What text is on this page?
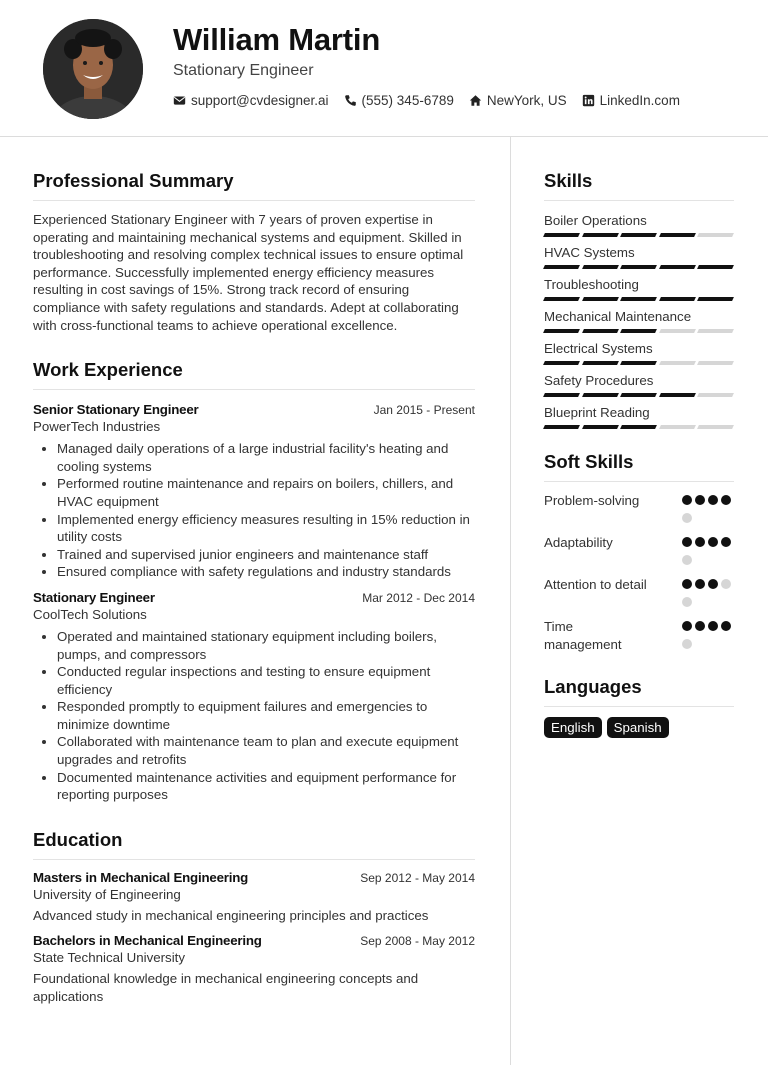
William Martin
Stationary Engineer
support@cvdesigner.ai (555) 345-6789 NewYork, US LinkedIn.com
Professional Summary

Experienced Stationary Engineer with 7 years of proven expertise in operating and maintaining mechanical systems and equipment. Skilled in troubleshooting and resolving complex technical issues to ensure optimal performance. Successfully implemented energy efficiency measures resulting in cost savings of 15%. Strong track record of ensuring compliance with safety regulations and standards. Adept at collaborating with cross-functional teams to achieve operational excellence.

Work Experience
Senior Stationary Engineer	Jan 2015 - Present
PowerTech Industries
• Managed daily operations of a large industrial facility's heating and cooling systems
• Performed routine maintenance and repairs on boilers, chillers, and HVAC equipment
• Implemented energy efficiency measures resulting in 15% reduction in utility costs
• Trained and supervised junior engineers and maintenance staff
• Ensured compliance with safety regulations and industry standards
Stationary Engineer	Mar 2012 - Dec 2014
CoolTech Solutions
• Operated and maintained stationary equipment including boilers, pumps, and compressors
• Conducted regular inspections and testing to ensure equipment efficiency
• Responded promptly to equipment failures and emergencies to minimize downtime
• Collaborated with maintenance team to plan and execute equipment upgrades and retrofits
• Documented maintenance activities and equipment performance for reporting purposes
Education
Masters in Mechanical Engineering	Sep 2012 - May 2014
University of Engineering

Advanced study in mechanical engineering principles and practices

Bachelors in Mechanical Engineering	Sep 2008 - May 2012
State Technical University

Foundational knowledge in mechanical engineering concepts and applications

Skills
Boiler Operations
HVAC Systems
Troubleshooting
Mechanical Maintenance
Electrical Systems
Safety Procedures
Blueprint Reading
Soft Skills
Problem-solving
Adaptability
Attention to detail
Time management
Languages
English	Spanish
